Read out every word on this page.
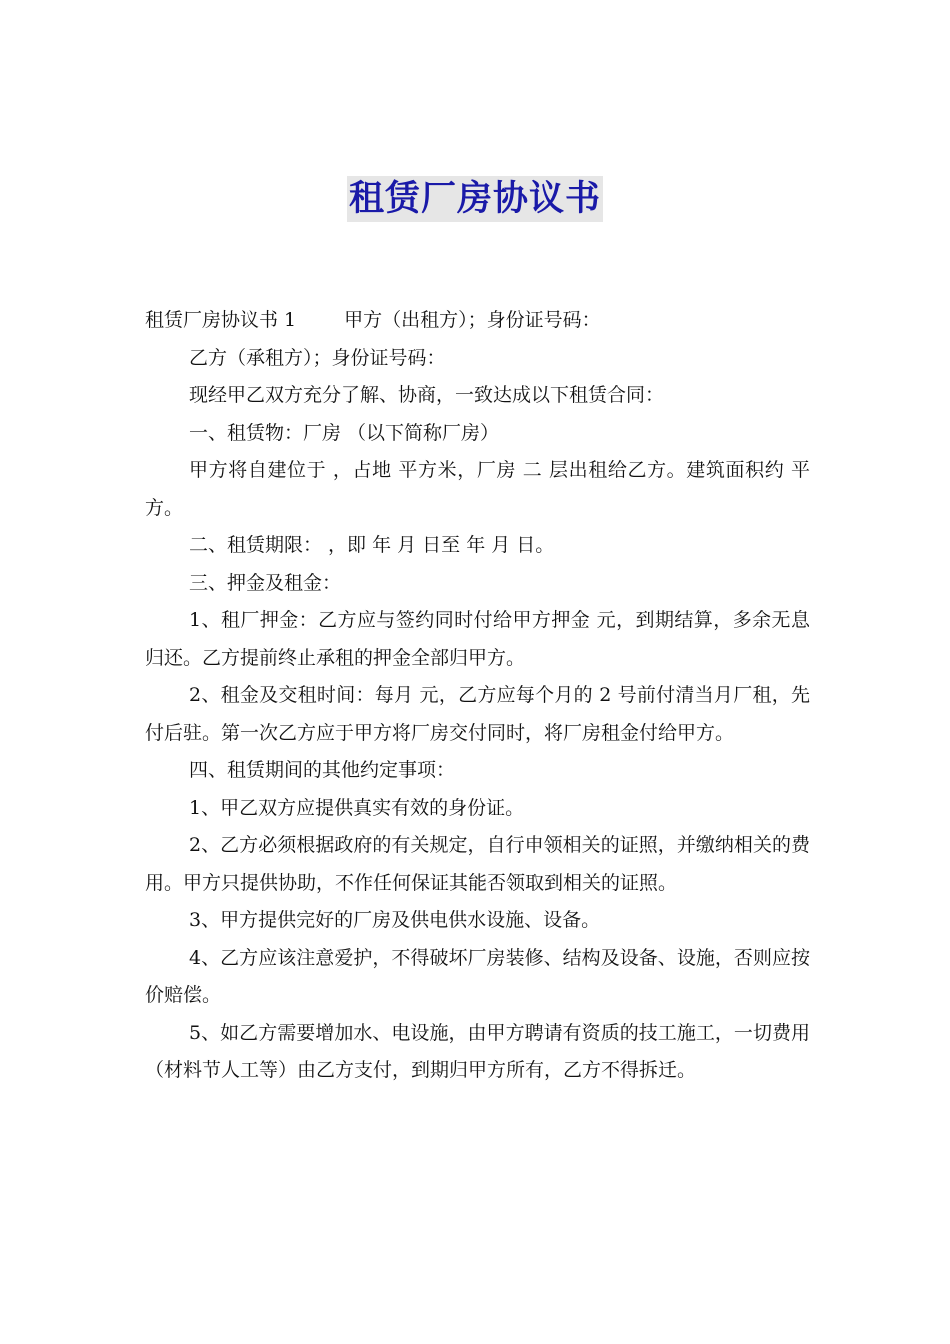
租赁厂房协议书

租赁厂房协议书 1	甲方（出租方）；身份证号码：

乙方（承租方）；身份证号码：

现经甲乙双方充分了解、协商，一致达成以下租赁合同：

一、租赁物：厂房 （以下简称厂房）

甲方将自建位于 ，占地 平方米，厂房 二 层出租给乙方。建筑面积约 平方。

二、租赁期限： ，即 年 月 日至 年 月 日。

三、押金及租金：

1、租厂押金：乙方应与签约同时付给甲方押金 元，到期结算，多余无息归还。乙方提前终止承租的押金全部归甲方。

2、租金及交租时间：每月 元，乙方应每个月的 2 号前付清当月厂租，先付后驻。第一次乙方应于甲方将厂房交付同时，将厂房租金付给甲方。

四、租赁期间的其他约定事项：

1、甲乙双方应提供真实有效的身份证。

2、乙方必须根据政府的有关规定，自行申领相关的证照，并缴纳相关的费用。甲方只提供协助，不作任何保证其能否领取到相关的证照。

3、甲方提供完好的厂房及供电供水设施、设备。

4、乙方应该注意爱护，不得破坏厂房装修、结构及设备、设施，否则应按价赔偿。

5、如乙方需要增加水、电设施，由甲方聘请有资质的技工施工，一切费用（材料节人工等）由乙方支付，到期归甲方所有，乙方不得拆迁。
